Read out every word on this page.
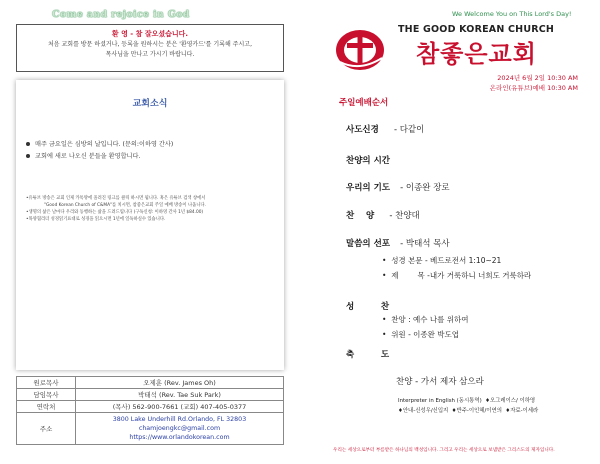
Come and rejoice in God
환 영 - 참 잘오셨습니다.
처음 교회를 방문 하셨거나, 등록을 원하시는 분은 '환영카드'를 기록해 주시고,
목사님을 만나고 가시기 바랍니다.
교회소식
매주 금요일은 심방의 날입니다. (문의:이하영 간사)
교회에 새로 나오신 분들을 환영합니다.
•유튜브 방송은 교회 인제 카톡방에 올려진 링크를 클릭 하시면 됩니다. 혹은 유튜브 검색 창에서
"Good Korean Church of C&MA"를 치시면, 참좋은교회 주일 예배 방송이 나옵니다.
•생명의 삶은 날마다 우리와 동행하는 삶을 드려드립니다 (구독신청: 이하영 간사 1년 $84.00)
•목양협리더 성경읽기표대로 성경을 읽으시면 1년에 일독하실수 있습니다.
원로목사	오제훈 (Rev. James Oh)
담임목사	박태석 (Rev. Tae Suk Park)
연락처	(목사) 562-900-7661 (교회) 407-405-0377
주소	3800 Lake Underhill Rd.Orlando, FL 32803
chamjoengkc@gmail.com
https://www.orlandokorean.com
We Welcome You on This Lord's Day!
THE GOOD KOREAN CHURCH
참좋은교회
2024년 6월 2일 10:30 AM
온라인(유튜브)예배 10:30 AM
주일예배순서
사도신경 - 다같이
찬양의 시간
우리의 기도 - 이종완 장로
찬    양 - 찬양대
말씀의 선포 - 박태석 목사
•  성경 본문 - 베드로전서 1:10~21
•  제        목 -내가 거룩하니 너희도 거룩하라
성         찬
•  찬양 : 예수 나를 위하여
•  위원 - 이종완 박도엽
축         도
찬양 - 가서 제자 삼으라
Interpreter in English (동시통역)  ♦오그레이스/ 이하영
♦안내-신성우/신입지  ♦반주-이인혜/이연의  ♦자료-이세라
우리는 세상으로부터 부름받은 하나님의 백성입니다. 그리고 우리는 세상으로 보냄받은 그리스도의 제자입니다.
